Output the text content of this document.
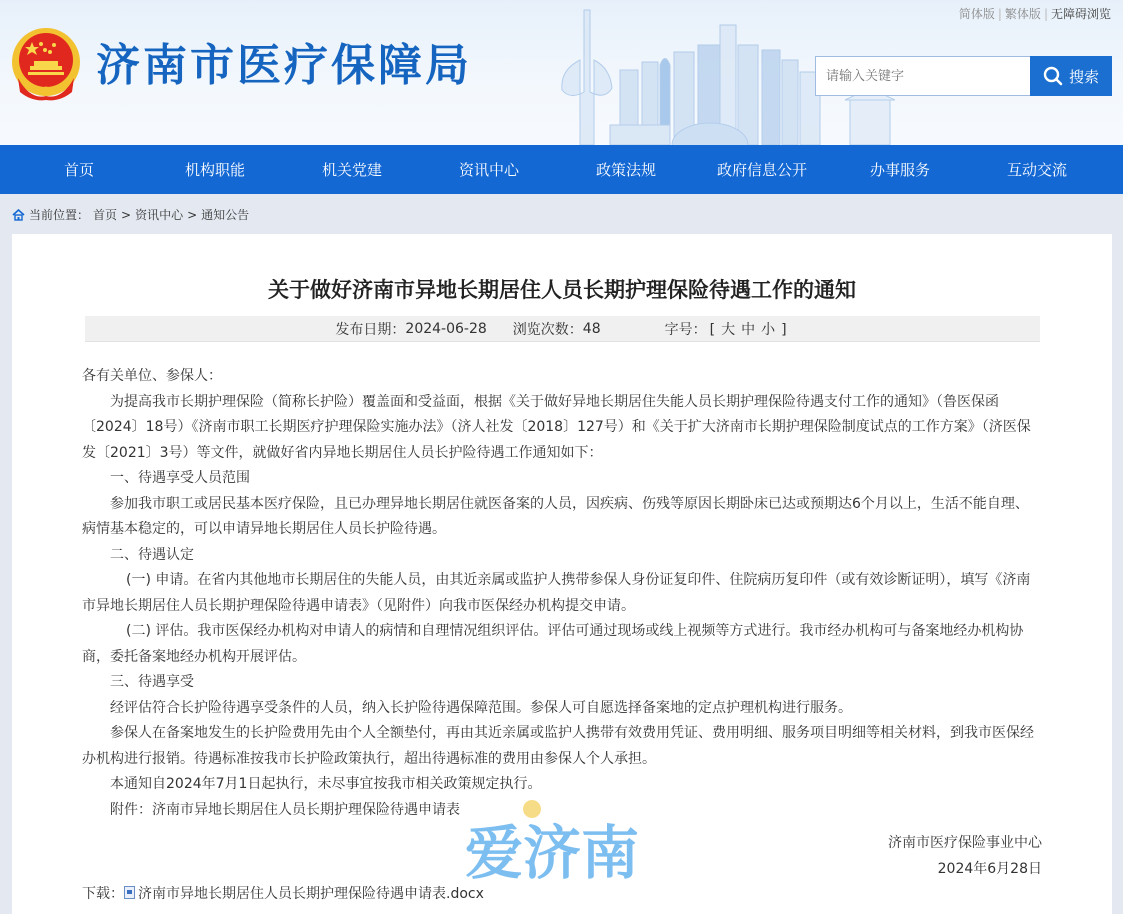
济南市医疗保障局
简体版 | 繁体版 | 无障碍浏览
请输入关键字
搜索
首页	机构职能	机关党建	资讯中心	政策法规	政府信息公开	办事服务	互动交流
当前位置： 首页 > 资讯中心 > 通知公告
关于做好济南市异地长期居住人员长期护理保险待遇工作的通知
发布日期： 2024-06-28 浏览次数： 48	字号： [ 大 中 小 ]

各有关单位、参保人：

为提高我市长期护理保险（简称长护险）覆盖面和受益面，根据《关于做好异地长期居住失能人员长期护理保险待遇支付工作的通知》（鲁医保函〔2024〕18号）《济南市职工长期医疗护理保险实施办法》（济人社发〔2018〕127号）和《关于扩大济南市长期护理保险制度试点的工作方案》（济医保发〔2021〕3号）等文件，就做好省内异地长期居住人员长护险待遇工作通知如下：

一、待遇享受人员范围

参加我市职工或居民基本医疗保险，且已办理异地长期居住就医备案的人员，因疾病、伤残等原因长期卧床已达或预期达6个月以上，生活不能自理、病情基本稳定的，可以申请异地长期居住人员长护险待遇。

二、待遇认定

(一) 申请。在省内其他地市长期居住的失能人员，由其近亲属或监护人携带参保人身份证复印件、住院病历复印件（或有效诊断证明），填写《济南市异地长期居住人员长期护理保险待遇申请表》（见附件）向我市医保经办机构提交申请。

(二) 评估。我市医保经办机构对申请人的病情和自理情况组织评估。评估可通过现场或线上视频等方式进行。我市经办机构可与备案地经办机构协商，委托备案地经办机构开展评估。

三、待遇享受

经评估符合长护险待遇享受条件的人员，纳入长护险待遇保障范围。参保人可自愿选择备案地的定点护理机构进行服务。

参保人在备案地发生的长护险费用先由个人全额垫付，再由其近亲属或监护人携带有效费用凭证、费用明细、服务项目明细等相关材料，到我市医保经办机构进行报销。待遇标准按我市长护险政策执行，超出待遇标准的费用由参保人个人承担。

本通知自2024年7月1日起执行，未尽事宜按我市相关政策规定执行。

附件：济南市异地长期居住人员长期护理保险待遇申请表

济南市医疗保险事业中心

2024年6月28日

下载： 济南市异地长期居住人员长期护理保险待遇申请表.docx

爱济南
